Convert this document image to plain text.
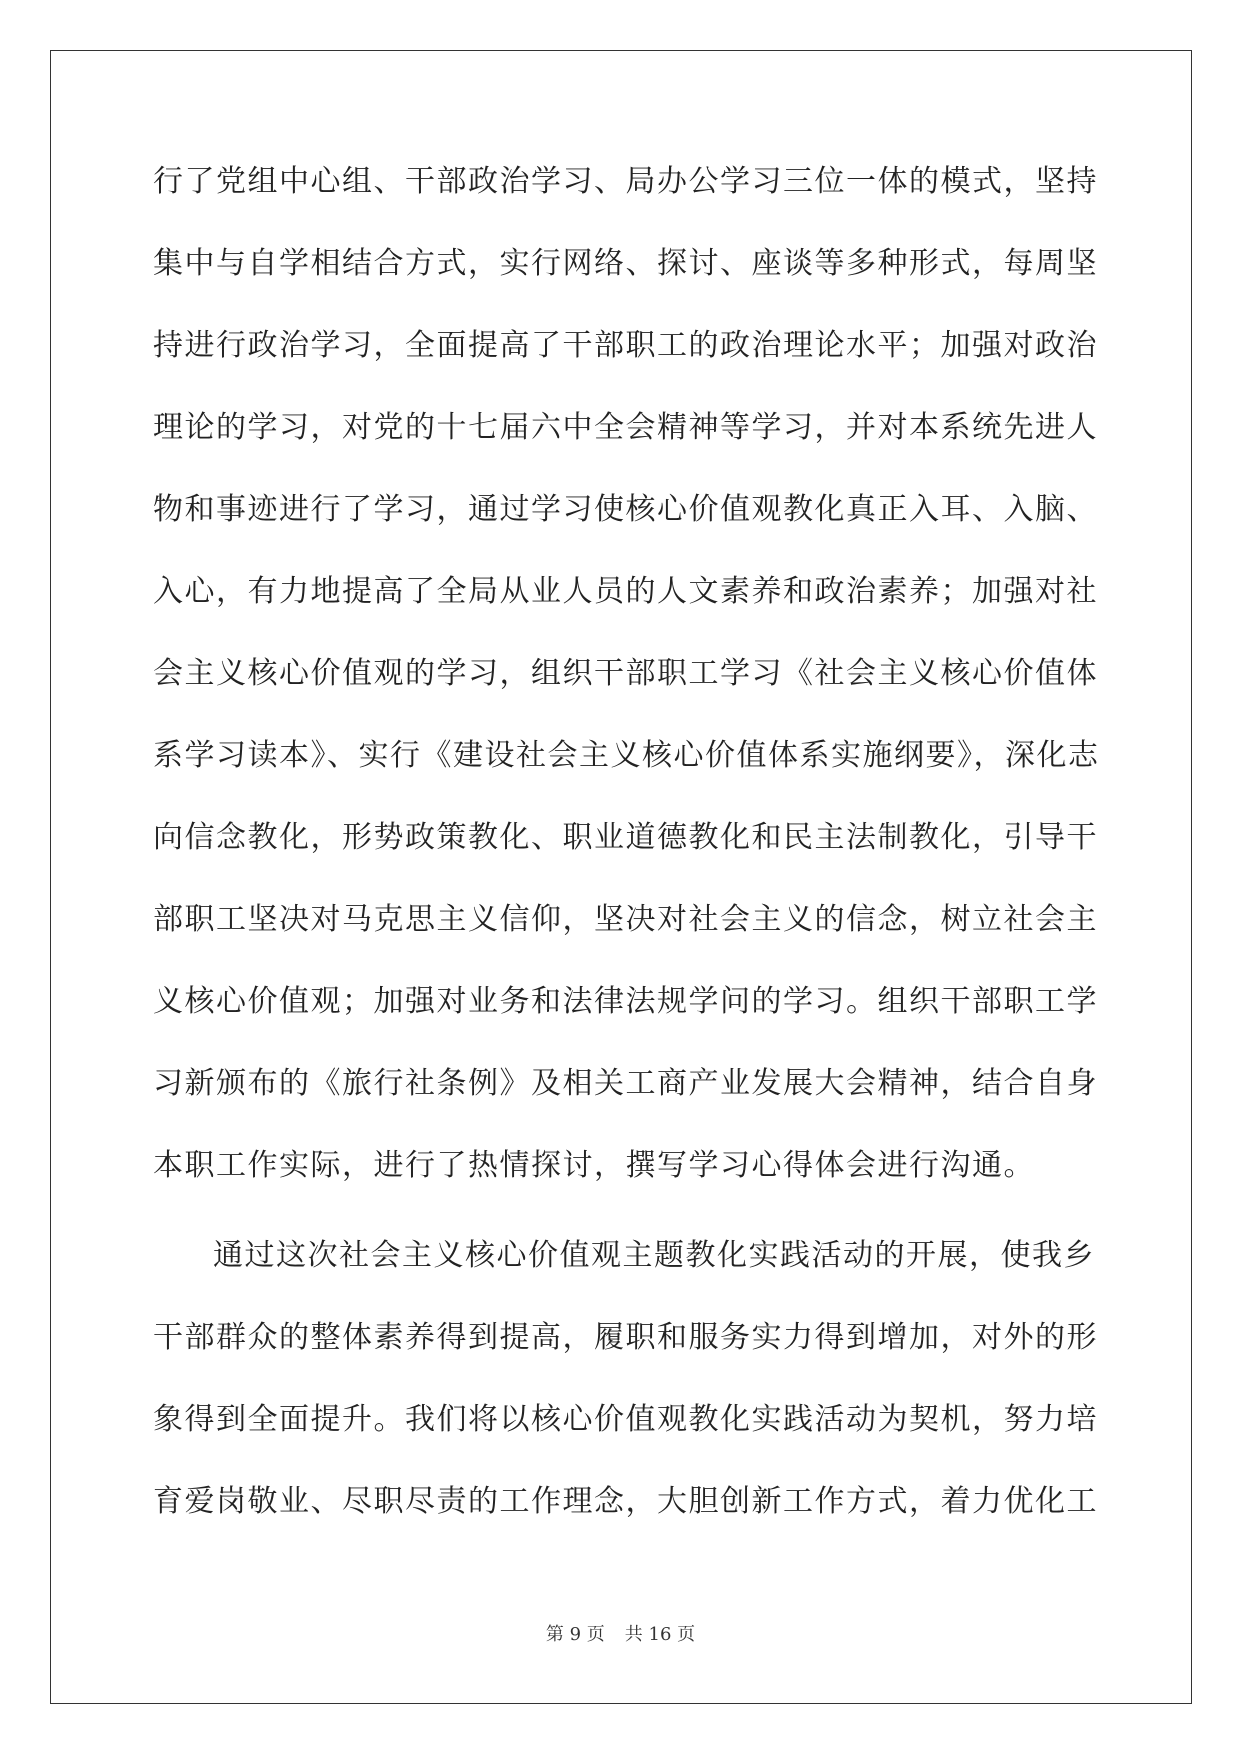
行了党组中心组、干部政治学习、局办公学习三位一体的模式，坚持
集中与自学相结合方式，实行网络、探讨、座谈等多种形式，每周坚
持进行政治学习，全面提高了干部职工的政治理论水平；加强对政治
理论的学习，对党的十七届六中全会精神等学习，并对本系统先进人
物和事迹进行了学习，通过学习使核心价值观教化真正入耳、入脑、
入心，有力地提高了全局从业人员的人文素养和政治素养；加强对社
会主义核心价值观的学习，组织干部职工学习《社会主义核心价值体
系学习读本》、实行《建设社会主义核心价值体系实施纲要》，深化志
向信念教化，形势政策教化、职业道德教化和民主法制教化，引导干
部职工坚决对马克思主义信仰，坚决对社会主义的信念，树立社会主
义核心价值观；加强对业务和法律法规学问的学习。组织干部职工学
习新颁布的《旅行社条例》及相关工商产业发展大会精神，结合自身
本职工作实际，进行了热情探讨，撰写学习心得体会进行沟通。
通过这次社会主义核心价值观主题教化实践活动的开展，使我乡
干部群众的整体素养得到提高，履职和服务实力得到增加，对外的形
象得到全面提升。我们将以核心价值观教化实践活动为契机，努力培
育爱岗敬业、尽职尽责的工作理念，大胆创新工作方式，着力优化工
第 9 页 共 16 页
